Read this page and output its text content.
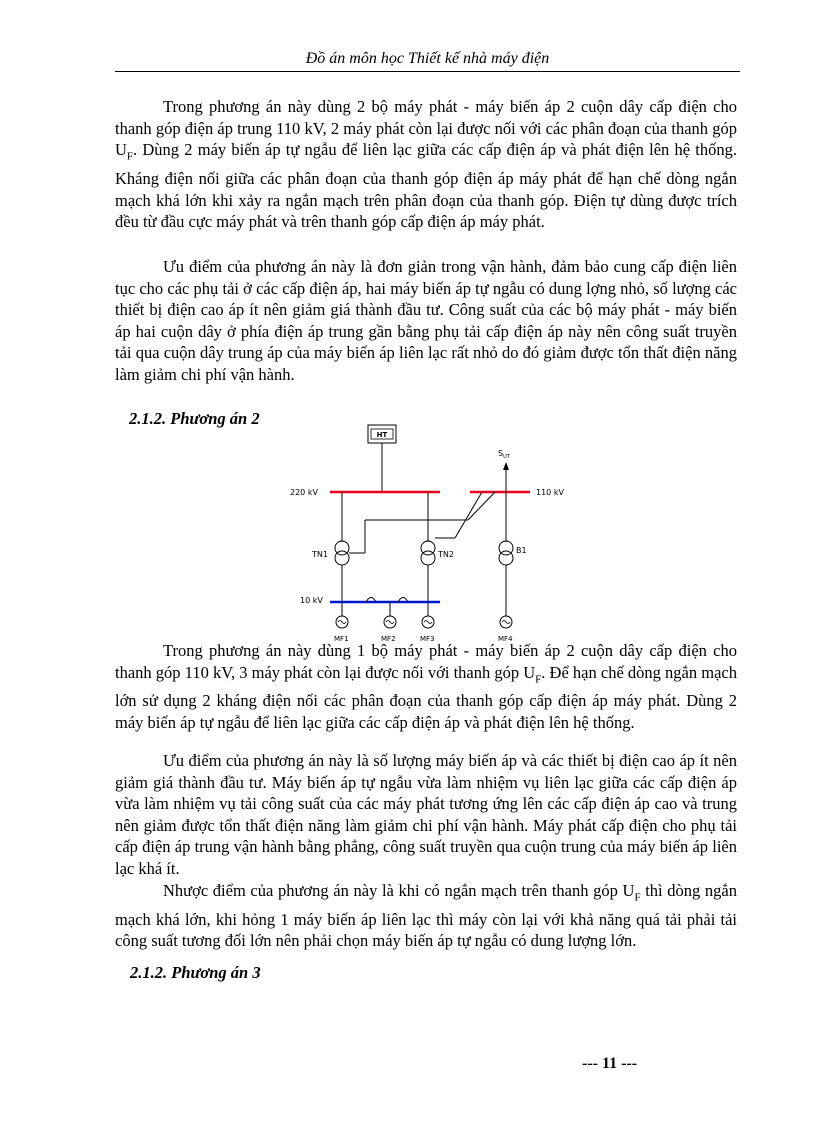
Đồ án môn học Thiết kế nhà máy điện

Trong phương án này dùng 2 bộ máy phát - máy biến áp 2 cuộn dây cấp điện cho thanh góp điện áp trung 110 kV, 2 máy phát còn lại được nối với các phân đoạn của thanh góp $U_F$. Dùng 2 máy biến áp tự ngẫu để liên lạc giữa các cấp điện áp và phát điện lên hệ thống. Kháng điện nối giữa các phân đoạn của thanh góp điện áp máy phát để hạn chế dòng ngắn mạch khá lớn khi xảy ra ngắn mạch trên phân đoạn của thanh góp. Điện tự dùng được trích đều từ đầu cực máy phát và trên thanh góp cấp điện áp máy phát.

Ưu điểm của phương án này là đơn giản trong vận hành, đảm bảo cung cấp điện liên tục cho các phụ tải ở các cấp điện áp, hai máy biến áp tự ngẫu có dung lợng nhỏ, số lượng các thiết bị điện cao áp ít nên giảm giá thành đầu tư. Công suất của các bộ máy phát - máy biến áp hai cuộn dây ở phía điện áp trung gần bằng phụ tải cấp điện áp này nên công suất truyền tải qua cuộn dây trung áp của máy biến áp liên lạc rất nhỏ do đó giảm được tổn thất điện năng làm giảm chi phí vận hành.

2.1.2. Phương án 2

HT
220 kV	110 kV
$S_{UT}$
TN1	TN2	B1
10 kV
MF1	MF2	MF3	MF4

Trong phương án này dùng 1 bộ máy phát - máy biến áp 2 cuộn dây cấp điện cho thanh góp 110 kV, 3 máy phát còn lại được nối với thanh góp $U_F$. Để hạn chế dòng ngắn mạch lớn sử dụng 2 kháng điện nối các phân đoạn của thanh góp cấp điện áp máy phát. Dùng 2 máy biến áp tự ngẫu để liên lạc giữa các cấp điện áp và phát điện lên hệ thống.

Ưu điểm của phương án này là số lượng máy biến áp và các thiết bị điện cao áp ít nên giảm giá thành đầu tư. Máy biến áp tự ngẫu vừa làm nhiệm vụ liên lạc giữa các cấp điện áp vừa làm nhiệm vụ tải công suất của các máy phát tương ứng lên các cấp điện áp cao và trung nên giảm được tổn thất điện năng làm giảm chi phí vận hành. Máy phát cấp điện cho phụ tải cấp điện áp trung vận hành bằng phẳng, công suất truyền qua cuộn trung của máy biến áp liên lạc khá ít.

Nhược điểm của phương án này là khi có ngắn mạch trên thanh góp $U_F$ thì dòng ngắn mạch khá lớn, khi hỏng 1 máy biến áp liên lạc thì máy còn lại với khả năng quá tải phải tải công suất tương đối lớn nên phải chọn máy biến áp tự ngẫu có dung lượng lớn.

2.1.2. Phương án 3

--- 11 ---
